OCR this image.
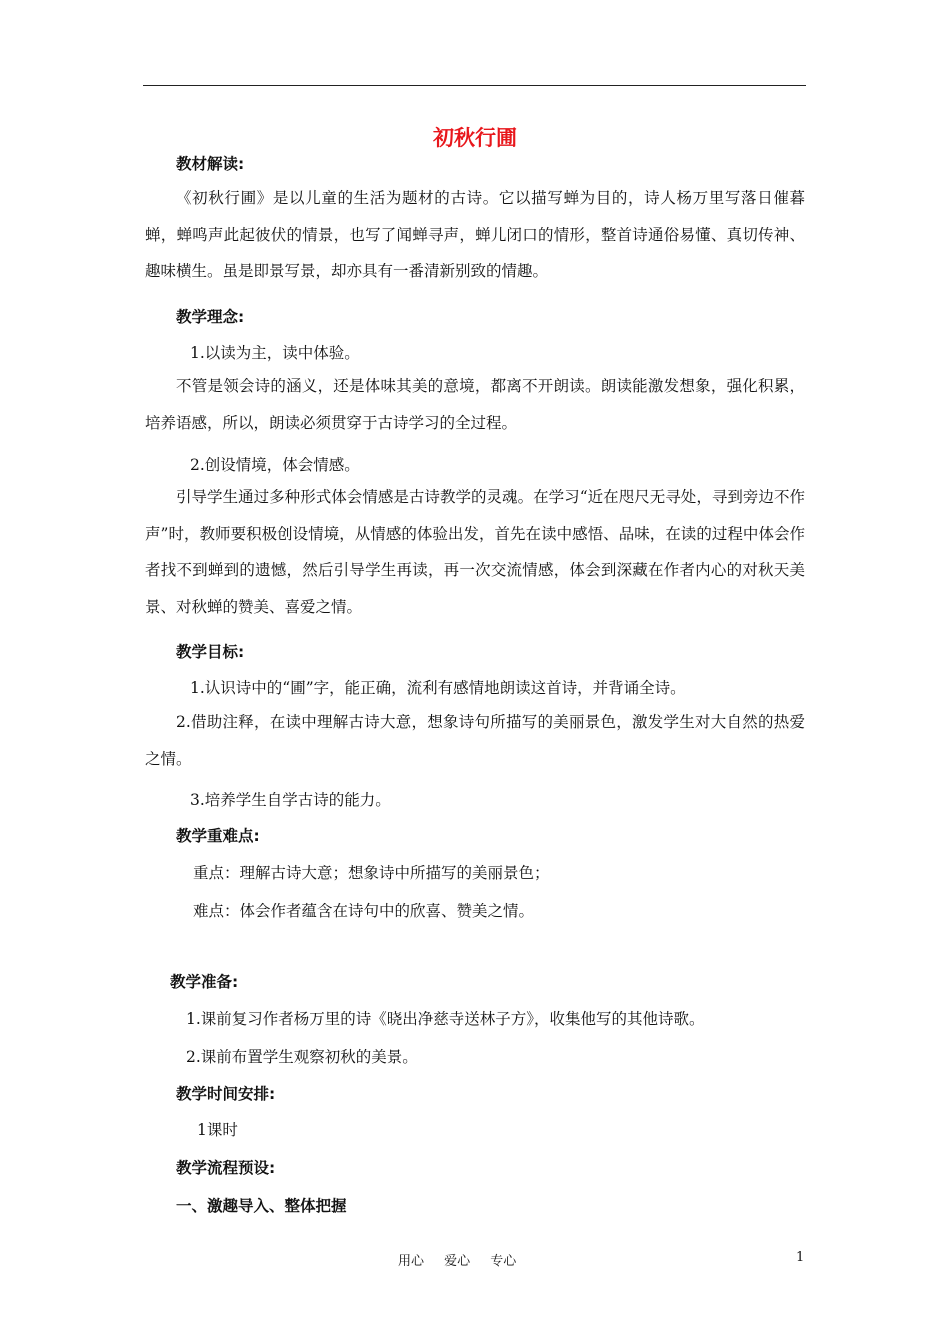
初秋行圃
教材解读:
《初秋行圃》是以儿童的生活为题材的古诗。它以描写蝉为目的，诗人杨万里写落日催暮蝉，蝉鸣声此起彼伏的情景，也写了闻蝉寻声，蝉儿闭口的情形，整首诗通俗易懂、真切传神、趣味横生。虽是即景写景，却亦具有一番清新别致的情趣。
教学理念:
1.以读为主，读中体验。
不管是领会诗的涵义，还是体味其美的意境，都离不开朗读。朗读能激发想象，强化积累，培养语感，所以，朗读必须贯穿于古诗学习的全过程。
2.创设情境，体会情感。
引导学生通过多种形式体会情感是古诗教学的灵魂。在学习“近在咫尺无寻处，寻到旁边不作声”时，教师要积极创设情境，从情感的体验出发，首先在读中感悟、品味，在读的过程中体会作者找不到蝉到的遗憾，然后引导学生再读，再一次交流情感，体会到深藏在作者内心的对秋天美景、对秋蝉的赞美、喜爱之情。
教学目标:
1.认识诗中的“圃”字，能正确，流利有感情地朗读这首诗，并背诵全诗。
2.借助注释，在读中理解古诗大意，想象诗句所描写的美丽景色，激发学生对大自然的热爱之情。
3.培养学生自学古诗的能力。
教学重难点:
重点：理解古诗大意；想象诗中所描写的美丽景色；
难点：体会作者蕴含在诗句中的欣喜、赞美之情。
教学准备:
1.课前复习作者杨万里的诗《晓出净慈寺送林子方》，收集他写的其他诗歌。
2.课前布置学生观察初秋的美景。
教学时间安排:
1课时
教学流程预设:
一、激趣导入、整体把握
用心 爱心 专心	1
